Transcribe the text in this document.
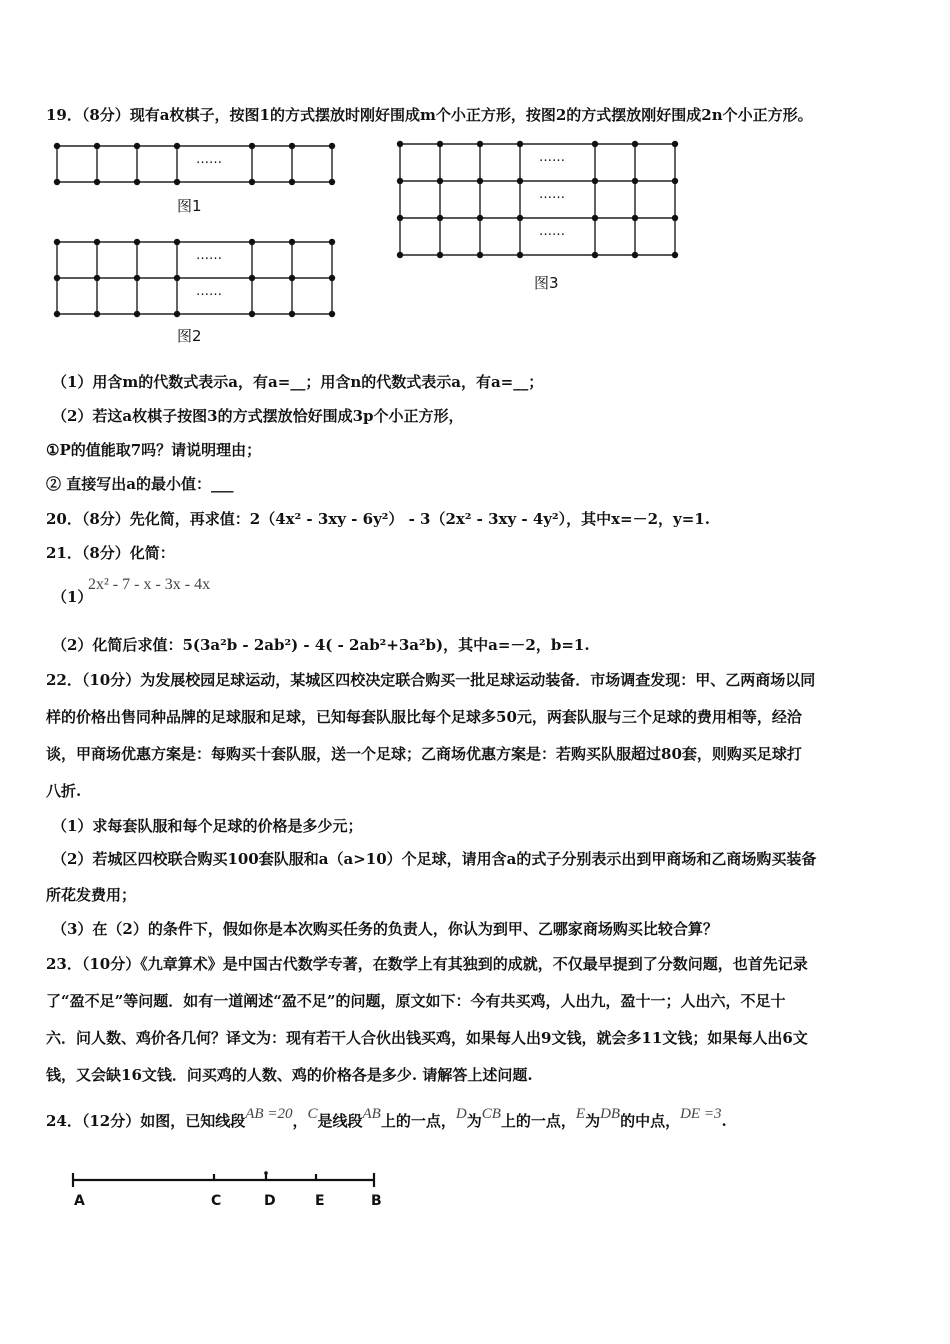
19．（8分）现有a枚棋子，按图1的方式摆放时刚好围成m个小正方形，按图2的方式摆放刚好围成2n个小正方形。
……
图1
……
……
图2
……
……
……
图3
（1）用含m的代数式表示a，有a=__；用含n的代数式表示a，有a=__；
（2）若这a枚棋子按图3的方式摆放恰好围成3p个小正方形，
①P的值能取7吗？请说明理由；
② 直接写出a的最小值：___
20．（8分）先化简，再求值：2（4x² - 3xy - 6y²） - 3（2x² - 3xy - 4y²），其中x=－2，y=1.
21．（8分）化简：
（1）
2x² - 7 - x - 3x - 4x
（2）化简后求值：5(3a²b - 2ab²) - 4( - 2ab²+3a²b)，其中a=－2，b=1.
22．（10分）为发展校园足球运动，某城区四校决定联合购买一批足球运动装备．市场调查发现：甲、乙两商场以同
样的价格出售同种品牌的足球服和足球，已知每套队服比每个足球多50元，两套队服与三个足球的费用相等，经洽
谈，甲商场优惠方案是：每购买十套队服，送一个足球；乙商场优惠方案是：若购买队服超过80套，则购买足球打
八折.
（1）求每套队服和每个足球的价格是多少元；
（2）若城区四校联合购买100套队服和a（a>10）个足球，请用含a的式子分别表示出到甲商场和乙商场购买装备
所花发费用；
（3）在（2）的条件下，假如你是本次购买任务的负责人，你认为到甲、乙哪家商场购买比较合算？
23．（10分）《九章算术》是中国古代数学专著，在数学上有其独到的成就，不仅最早提到了分数问题，也首先记录
了“盈不足”等问题．如有一道阐述“盈不足”的问题，原文如下：今有共买鸡，人出九，盈十一；人出六，不足十
六．问人数、鸡价各几何？译文为：现有若干人合伙出钱买鸡，如果每人出9文钱，就会多11文钱；如果每人出6文
钱，又会缺16文钱．问买鸡的人数、鸡的价格各是多少. 请解答上述问题.
24．（12分）如图，已知线段AB =20，C是线段AB上的一点，D为CB上的一点，E为DB的中点，DE =3.
A	C	D	E	B
